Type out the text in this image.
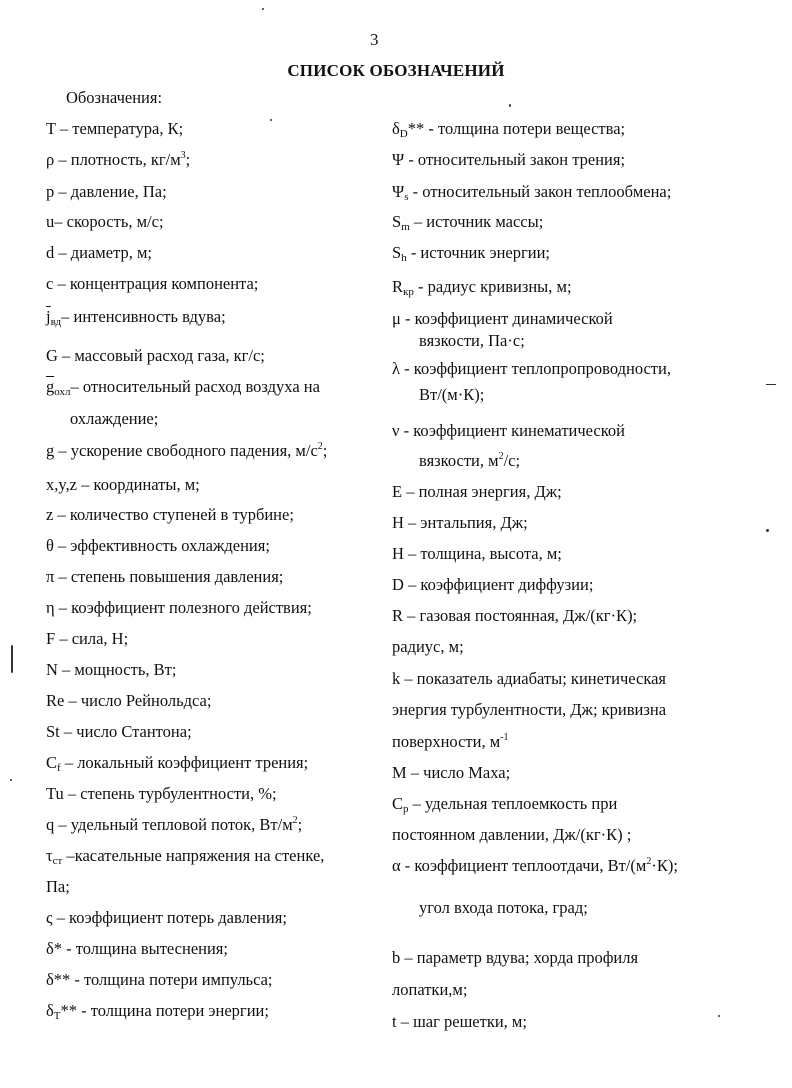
3
СПИСОК ОБОЗНАЧЕНИЙ
Обозначения:
T – температура, К;
ρ – плотность, $кг/м^3$;
p – давление, Па;
u– скорость, м/с;
d – диаметр, м;
c – концентрация компонента;
$\overline{j}_{вд}-$ интенсивность вдува;
G – массовый расход газа, кг/с;
$\overline{g}_{охл}-$ относительный расход воздуха на
охлаждение;
g – ускорение свободного падения, $м/с^2$;
x,y,z – координаты, м;
z – количество ступеней в турбине;
θ – эффективность охлаждения;
π – степень повышения давления;
η – коэффициент полезного действия;
F – сила, Н;
N – мощность, Вт;
Re – число Рейнольдса;
St – число Стантона;
$C_f$ – локальный коэффициент трения;
Tu – степень турбулентности, %;
q – удельный тепловой поток, $Вт/м^2$;
$\tau_{ст}$ –касательные напряжения на стенке,
Па;
ς – коэффициент потерь давления;
δ* - толщина вытеснения;
δ** - толщина потери импульса;
$\delta_T**$ - толщина потери энергии;
$\delta_D**$ - толщина потери вещества;
Ψ - относительный закон трения;
$\Psi_s$ - относительный закон теплообмена;
$S_m$ – источник массы;
$S_h$ - источник энергии;
$R_{кр}$ - радиус кривизны, м;
μ - коэффициент динамической
вязкости, Па·с;
λ - коэффициент теплопропроводности,
Вт/(м·К);
ν - коэффициент кинематической
вязкости, $м^2/с$;
E – полная энергия, Дж;
H – энтальпия, Дж;
H – толщина, высота, м;
D – коэффициент диффузии;
R – газовая постоянная, Дж/(кг·К);
радиус, м;
k – показатель адиабаты; кинетическая
энергия турбулентности, Дж; кривизна
поверхности, $м^{-1}$
M – число Маха;
$C_p$ – удельная теплоемкость при
постоянном давлении, Дж/(кг·К) ;
α - коэффициент теплоотдачи, $Вт/(м^2\cdot К)$;
угол входа потока, град;
b – параметр вдува; хорда профиля
лопатки,м;
t – шаг решетки, м;
